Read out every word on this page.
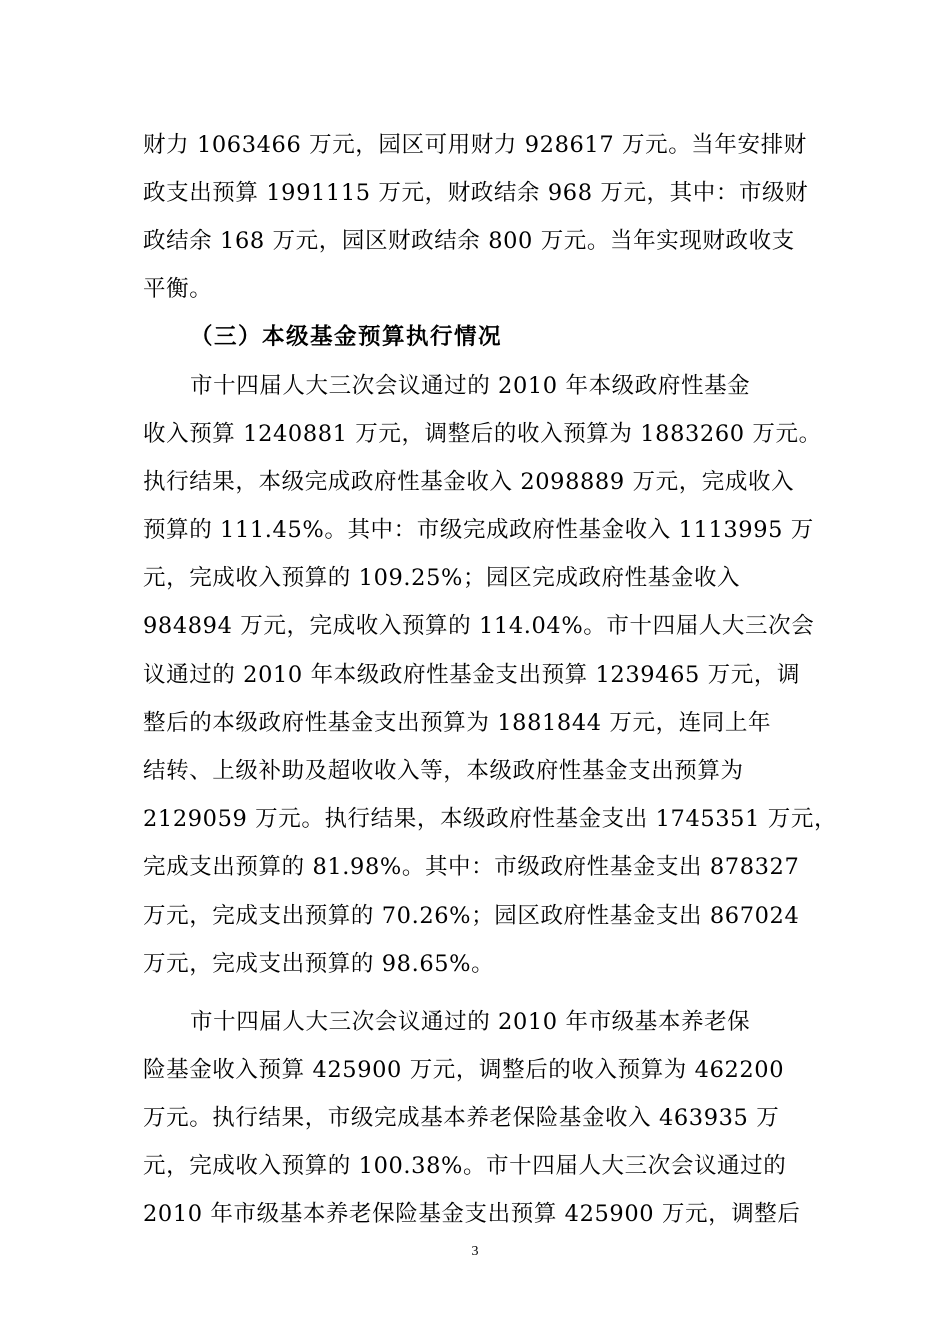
财力 1063466 万元，园区可用财力 928617 万元。当年安排财
政支出预算 1991115 万元，财政结余 968 万元，其中：市级财
政结余 168 万元，园区财政结余 800 万元。当年实现财政收支
平衡。
（三）本级基金预算执行情况
市十四届人大三次会议通过的 2010 年本级政府性基金
收入预算 1240881 万元，调整后的收入预算为 1883260 万元。
执行结果，本级完成政府性基金收入 2098889 万元，完成收入
预算的 111.45%。其中：市级完成政府性基金收入 1113995 万
元，完成收入预算的 109.25%；园区完成政府性基金收入
984894 万元，完成收入预算的 114.04%。市十四届人大三次会
议通过的 2010 年本级政府性基金支出预算 1239465 万元，调
整后的本级政府性基金支出预算为 1881844 万元，连同上年
结转、上级补助及超收收入等，本级政府性基金支出预算为
2129059 万元。执行结果，本级政府性基金支出 1745351 万元，
完成支出预算的 81.98%。其中：市级政府性基金支出 878327
万元，完成支出预算的 70.26%；园区政府性基金支出 867024
万元，完成支出预算的 98.65%。
市十四届人大三次会议通过的 2010 年市级基本养老保
险基金收入预算 425900 万元，调整后的收入预算为 462200
万元。执行结果，市级完成基本养老保险基金收入 463935 万
元，完成收入预算的 100.38%。市十四届人大三次会议通过的
2010 年市级基本养老保险基金支出预算 425900 万元，调整后
3
